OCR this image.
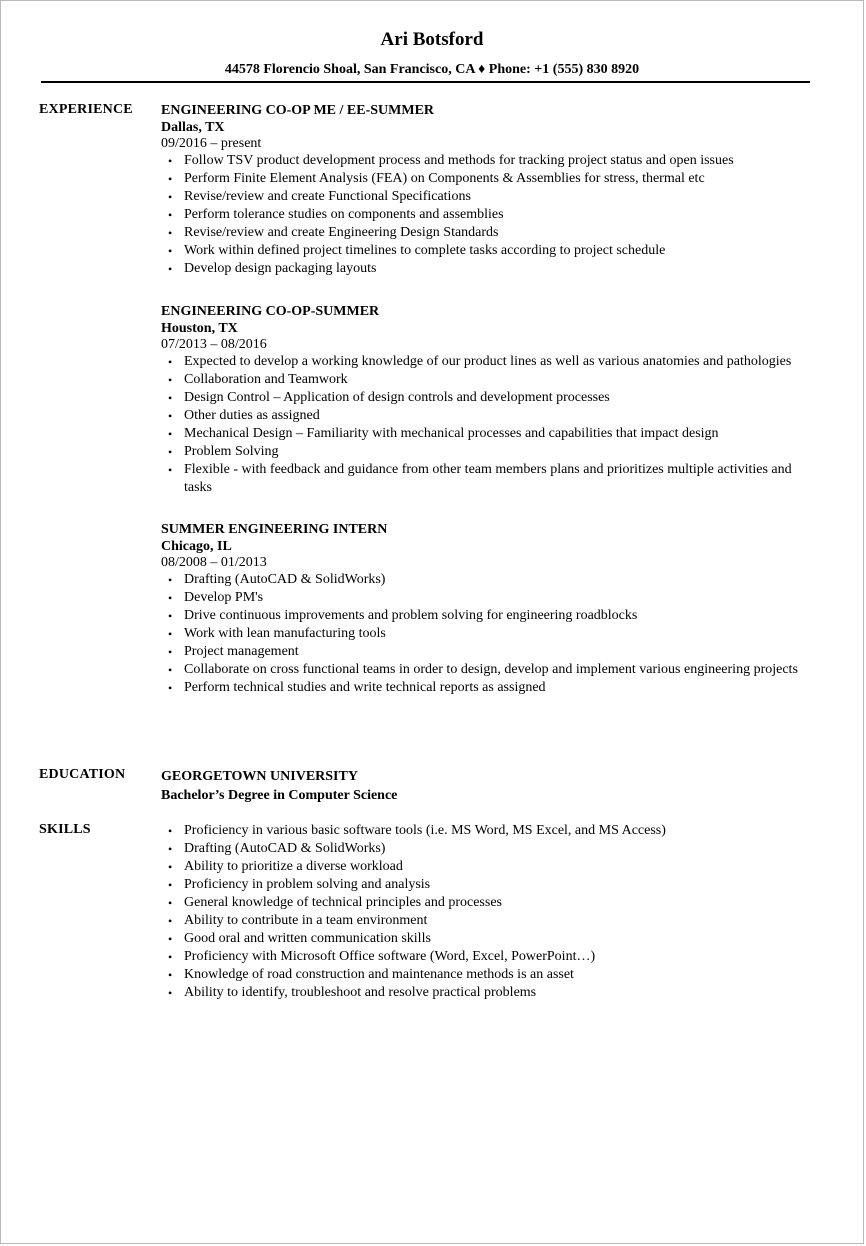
Ari Botsford
44578 Florencio Shoal, San Francisco, CA ♦ Phone: +1 (555) 830 8920
EXPERIENCE ENGINEERING CO-OP ME / EE-SUMMER
Dallas, TX
09/2016 – present
• Follow TSV product development process and methods for tracking project status and open issues
• Perform Finite Element Analysis (FEA) on Components & Assemblies for stress, thermal etc
• Revise/review and create Functional Specifications
• Perform tolerance studies on components and assemblies
• Revise/review and create Engineering Design Standards
• Work within defined project timelines to complete tasks according to project schedule
• Develop design packaging layouts
ENGINEERING CO-OP-SUMMER
Houston, TX
07/2013 – 08/2016
• Expected to develop a working knowledge of our product lines as well as various anatomies and pathologies
• Collaboration and Teamwork
• Design Control – Application of design controls and development processes
• Other duties as assigned
• Mechanical Design – Familiarity with mechanical processes and capabilities that impact design
• Problem Solving
• Flexible - with feedback and guidance from other team members plans and prioritizes multiple activities and tasks
SUMMER ENGINEERING INTERN
Chicago, IL
08/2008 – 01/2013
• Drafting (AutoCAD & SolidWorks)
• Develop PM's
• Drive continuous improvements and problem solving for engineering roadblocks
• Work with lean manufacturing tools
• Project management
• Collaborate on cross functional teams in order to design, develop and implement various engineering projects
• Perform technical studies and write technical reports as assigned
EDUCATION	GEORGETOWN UNIVERSITY
Bachelor’s Degree in Computer Science
SKILLS
•	Proficiency in various basic software tools (i.e. MS Word, MS Excel, and MS Access)
• Drafting (AutoCAD & SolidWorks)
• Ability to prioritize a diverse workload
• Proficiency in problem solving and analysis
• General knowledge of technical principles and processes
• Ability to contribute in a team environment
• Good oral and written communication skills
• Proficiency with Microsoft Office software (Word, Excel, PowerPoint…)
• Knowledge of road construction and maintenance methods is an asset
• Ability to identify, troubleshoot and resolve practical problems
